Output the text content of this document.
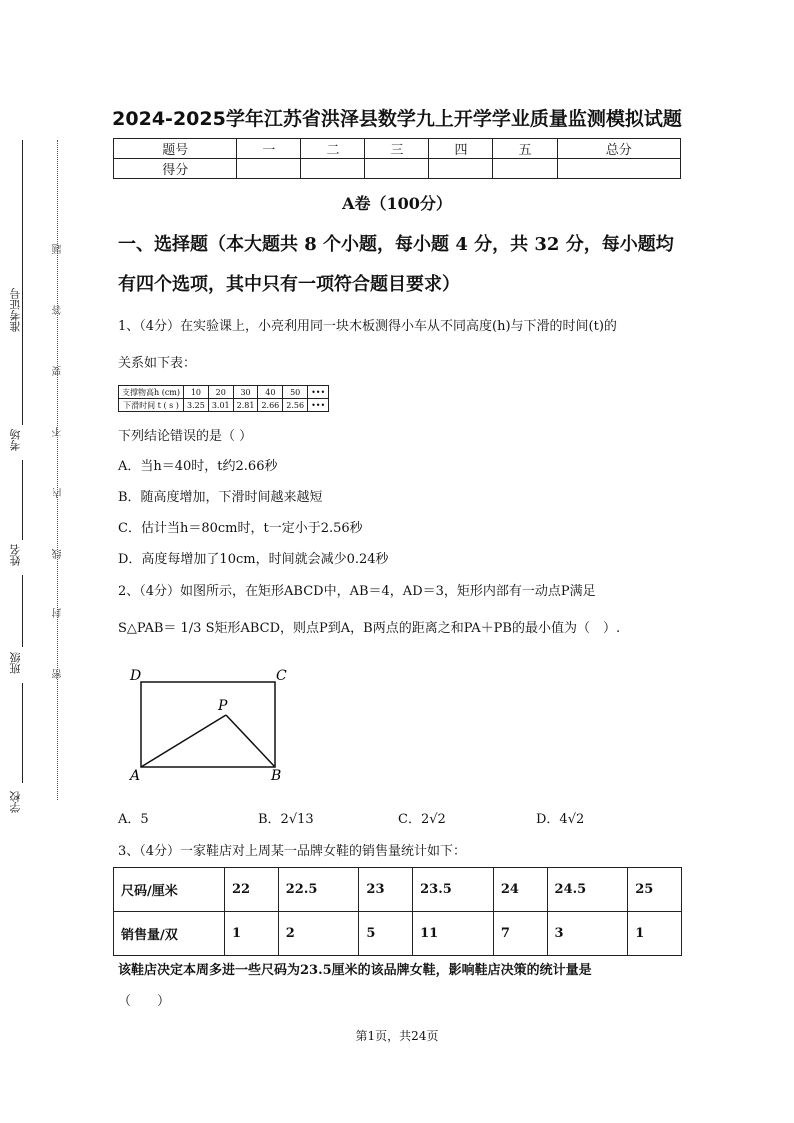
准考证号
考场
姓名
班级
学校
题
答
要
不
内
线
封
密
2024-2025学年江苏省洪泽县数学九上开学学业质量监测模拟试题
题号	一	二	三	四	五	总分
得分						
A卷（100分）
一、选择题（本大题共 8 个小题，每小题 4 分，共 32 分，每小题均
有四个选项，其中只有一项符合题目要求）
1、（4分）在实验课上，小亮利用同一块木板测得小车从不同高度(h)与下滑的时间(t)的
关系如下表：
支撑物高h (cm)	10	20	30	40	50	•••
下滑时间 t ( s )	3.25	3.01	2.81	2.66	2.56	•••
下列结论错误的是（ ）
A．当h＝40时，t约2.66秒
B．随高度增加，下滑时间越来越短
C．估计当h＝80cm时，t一定小于2.56秒
D．高度每增加了10cm，时间就会减少0.24秒
2、（4分）如图所示，在矩形ABCD中，AB＝4，AD＝3，矩形内部有一动点P满足
S△PAB＝ 1/3 S矩形ABCD，则点P到A，B两点的距离之和PA＋PB的最小值为（　）.
D	C
P
A	B
A．5	B．2√13	C．2√2	D．4√2
3、（4分）一家鞋店对上周某一品牌女鞋的销售量统计如下：
尺码/厘米	22	22.5	23	23.5	24	24.5	25
销售量/双	1	2	5	11	7	3	1
该鞋店决定本周多进一些尺码为23.5厘米的该品牌女鞋，影响鞋店决策的统计量是
（　　）
第1页，共24页
